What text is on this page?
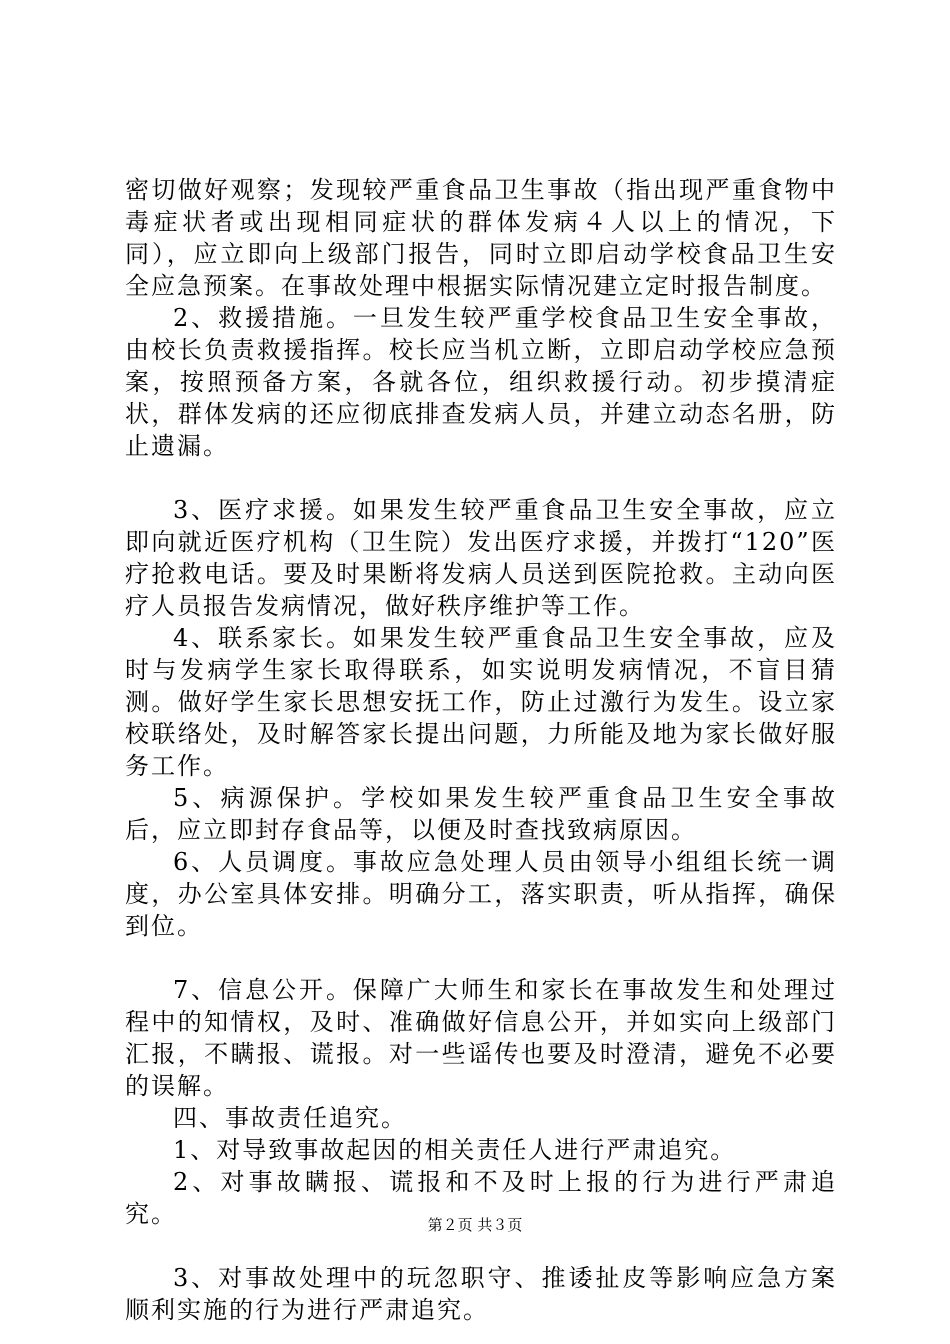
密切做好观察；发现较严重食品卫生事故（指出现严重食物中毒症状者或出现相同症状的群体发病４人以上的情况，下同），应立即向上级部门报告，同时立即启动学校食品卫生安全应急预案。在事故处理中根据实际情况建立定时报告制度。

2、救援措施。一旦发生较严重学校食品卫生安全事故，由校长负责救援指挥。校长应当机立断，立即启动学校应急预案，按照预备方案，各就各位，组织救援行动。初步摸清症状，群体发病的还应彻底排查发病人员，并建立动态名册，防止遗漏。

3、医疗求援。如果发生较严重食品卫生安全事故，应立即向就近医疗机构（卫生院）发出医疗求援，并拨打“120”医疗抢救电话。要及时果断将发病人员送到医院抢救。主动向医疗人员报告发病情况，做好秩序维护等工作。

4、联系家长。如果发生较严重食品卫生安全事故，应及时与发病学生家长取得联系，如实说明发病情况，不盲目猜测。做好学生家长思想安抚工作，防止过激行为发生。设立家校联络处，及时解答家长提出问题，力所能及地为家长做好服务工作。

5、病源保护。学校如果发生较严重食品卫生安全事故后，应立即封存食品等，以便及时查找致病原因。

6、人员调度。事故应急处理人员由领导小组组长统一调度，办公室具体安排。明确分工，落实职责，听从指挥，确保到位。

7、信息公开。保障广大师生和家长在事故发生和处理过程中的知情权，及时、准确做好信息公开，并如实向上级部门汇报，不瞒报、谎报。对一些谣传也要及时澄清，避免不必要的误解。

四、事故责任追究。

1、对导致事故起因的相关责任人进行严肃追究。

2、对事故瞒报、谎报和不及时上报的行为进行严肃追究。

3、对事故处理中的玩忽职守、推诿扯皮等影响应急方案顺利实施的行为进行严肃追究。

第２页 共３页
